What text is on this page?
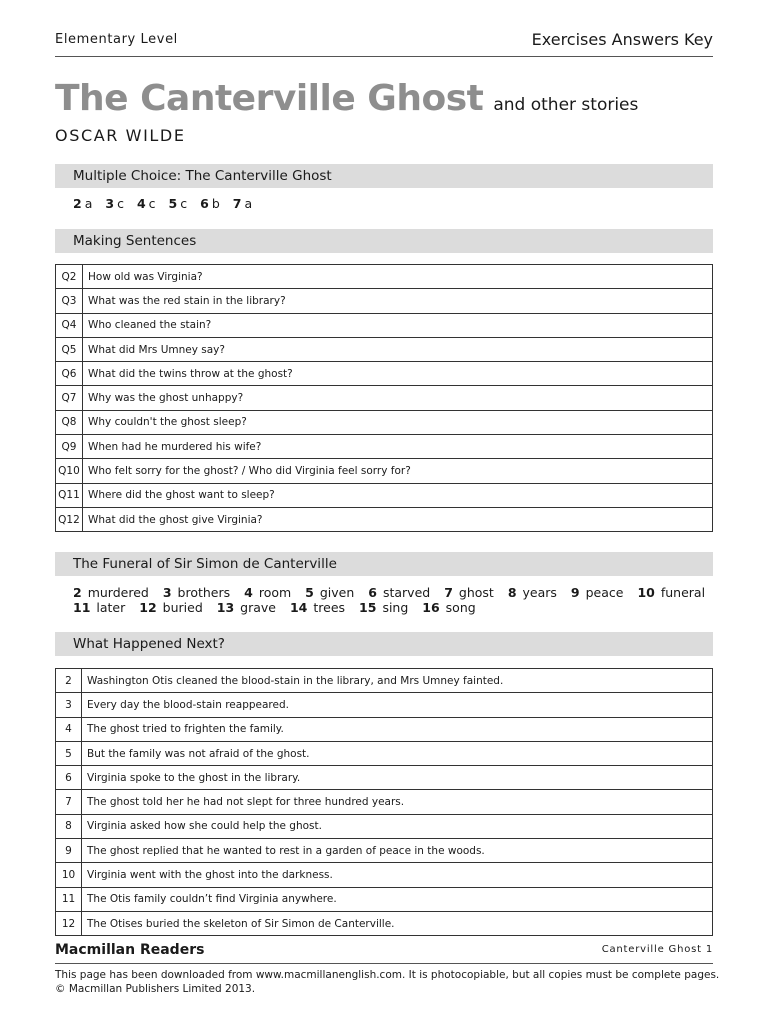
Elementary Level	Exercises Answers Key
The Canterville Ghost and other stories
OSCAR WILDE
Multiple Choice: The Canterville Ghost
2 a 3 c 4 c 5 c 6 b 7 a
Making Sentences
Q2	How old was Virginia?
Q3	What was the red stain in the library?
Q4	Who cleaned the stain?
Q5	What did Mrs Umney say?
Q6	What did the twins throw at the ghost?
Q7	Why was the ghost unhappy?
Q8	Why couldn't the ghost sleep?
Q9	When had he murdered his wife?
Q10	Who felt sorry for the ghost? / Who did Virginia feel sorry for?
Q11	Where did the ghost want to sleep?
Q12	What did the ghost give Virginia?
The Funeral of Sir Simon de Canterville
2 murdered 3 brothers 4 room 5 given 6 starved 7 ghost 8 years 9 peace 10 funeral
11 later 12 buried 13 grave 14 trees 15 sing 16 song
What Happened Next?
2	Washington Otis cleaned the blood-stain in the library, and Mrs Umney fainted.
3	Every day the blood-stain reappeared.
4	The ghost tried to frighten the family.
5	But the family was not afraid of the ghost.
6	Virginia spoke to the ghost in the library.
7	The ghost told her he had not slept for three hundred years.
8	Virginia asked how she could help the ghost.
9	The ghost replied that he wanted to rest in a garden of peace in the woods.
10	Virginia went with the ghost into the darkness.
11	The Otis family couldn’t find Virginia anywhere.
12	The Otises buried the skeleton of Sir Simon de Canterville.
Macmillan Readers	Canterville Ghost 1
This page has been downloaded from www.macmillanenglish.com. It is photocopiable, but all copies must be complete pages.
© Macmillan Publishers Limited 2013.
